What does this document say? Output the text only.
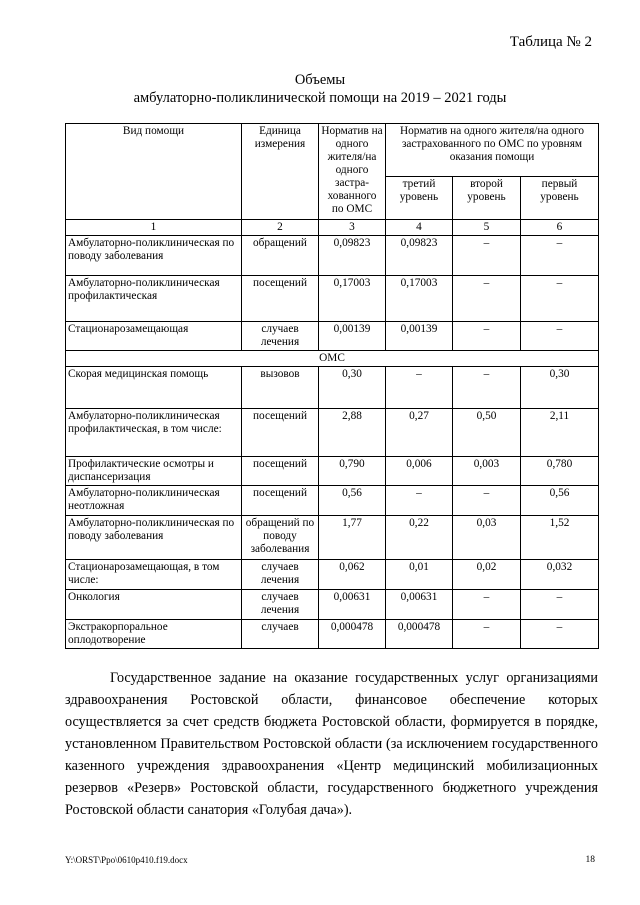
Таблица № 2
Объемы
амбулаторно-поликлинической помощи на 2019 – 2021 годы
Вид помощи	Единица измерения	Норматив на одного жителя/на одного застра-хованного по ОМС	Норматив на одного жителя/на одного застрахованного по ОМС по уровням оказания помощи		
			третий уровень	второй уровень	первый уровень
1	2	3	4	5	6
Амбулаторно-поликлиническая по поводу заболевания	обращений	0,09823	0,09823	–	–
Амбулаторно-поликлиническая профилактическая	посещений	0,17003	0,17003	–	–
Стационарозамещающая	случаев лечения	0,00139	0,00139	–	–
ОМС					
Скорая медицинская помощь	вызовов	0,30	–	–	0,30
Амбулаторно-поликлиническая профилактическая, в том числе:	посещений	2,88	0,27	0,50	2,11
Профилактические осмотры и диспансеризация	посещений	0,790	0,006	0,003	0,780
Амбулаторно-поликлиническая неотложная	посещений	0,56	–	–	0,56
Амбулаторно-поликлиническая по поводу заболевания	обращений по поводу заболевания	1,77	0,22	0,03	1,52
Стационарозамещающая, в том числе:	случаев лечения	0,062	0,01	0,02	0,032
Онкология	случаев лечения	0,00631	0,00631	–	–
Экстракорпоральное оплодотворение	случаев	0,000478	0,000478	–	–
Государственное задание на оказание государственных услуг организациями здравоохранения Ростовской области, финансовое обеспечение которых осуществляется за счет средств бюджета Ростовской области, формируется в порядке, установленном Правительством Ростовской области (за исключением государственного казенного учреждения здравоохранения «Центр медицинский мобилизационных резервов «Резерв» Ростовской области, государственного бюджетного учреждения Ростовской области санатория «Голубая дача»).
Y:\ORST\Ppo\0610p410.f19.docx	18
